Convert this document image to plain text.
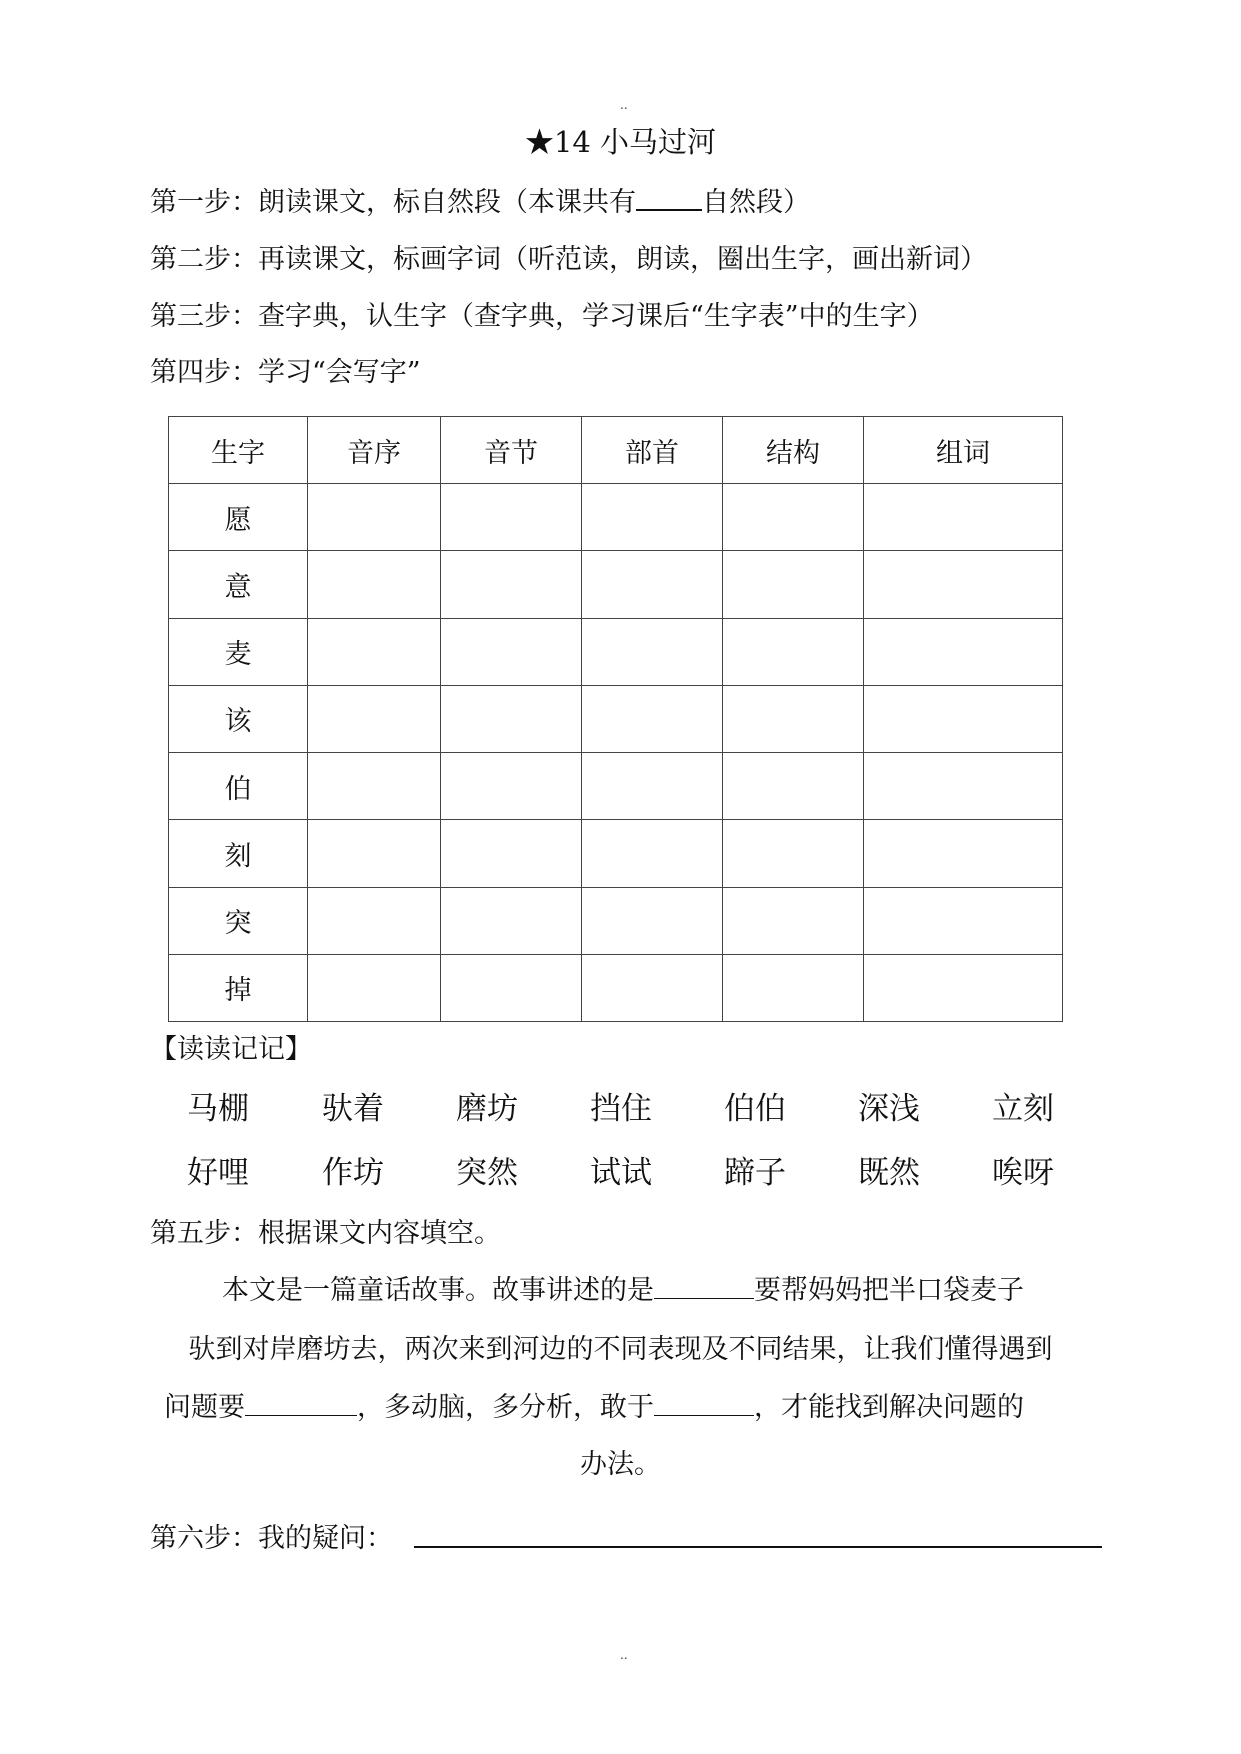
..
★14 小马过河
第一步：朗读课文，标自然段（本课共有 自然段）
第二步：再读课文，标画字词（听范读，朗读，圈出生字，画出新词）
第三步：查字典，认生字（查字典，学习课后“生字表”中的生字）
第四步：学习“会写字”
生字	音序	音节	部首	结构	组词
愿					
意					
麦					
该					
伯					
刻					
突					
掉					
【读读记记】
马棚 驮着 磨坊 挡住 伯伯 深浅 立刻
好哩 作坊 突然 试试 蹄子 既然 唉呀
第五步：根据课文内容填空。
本文是一篇童话故事。故事讲述的是	要帮妈妈把半口袋麦子
驮到对岸磨坊去，两次来到河边的不同表现及不同结果，让我们懂得遇到
问题要	，多动脑，多分析，敢于	，才能找到解决问题的
办法。
第六步：我的疑问：
..
